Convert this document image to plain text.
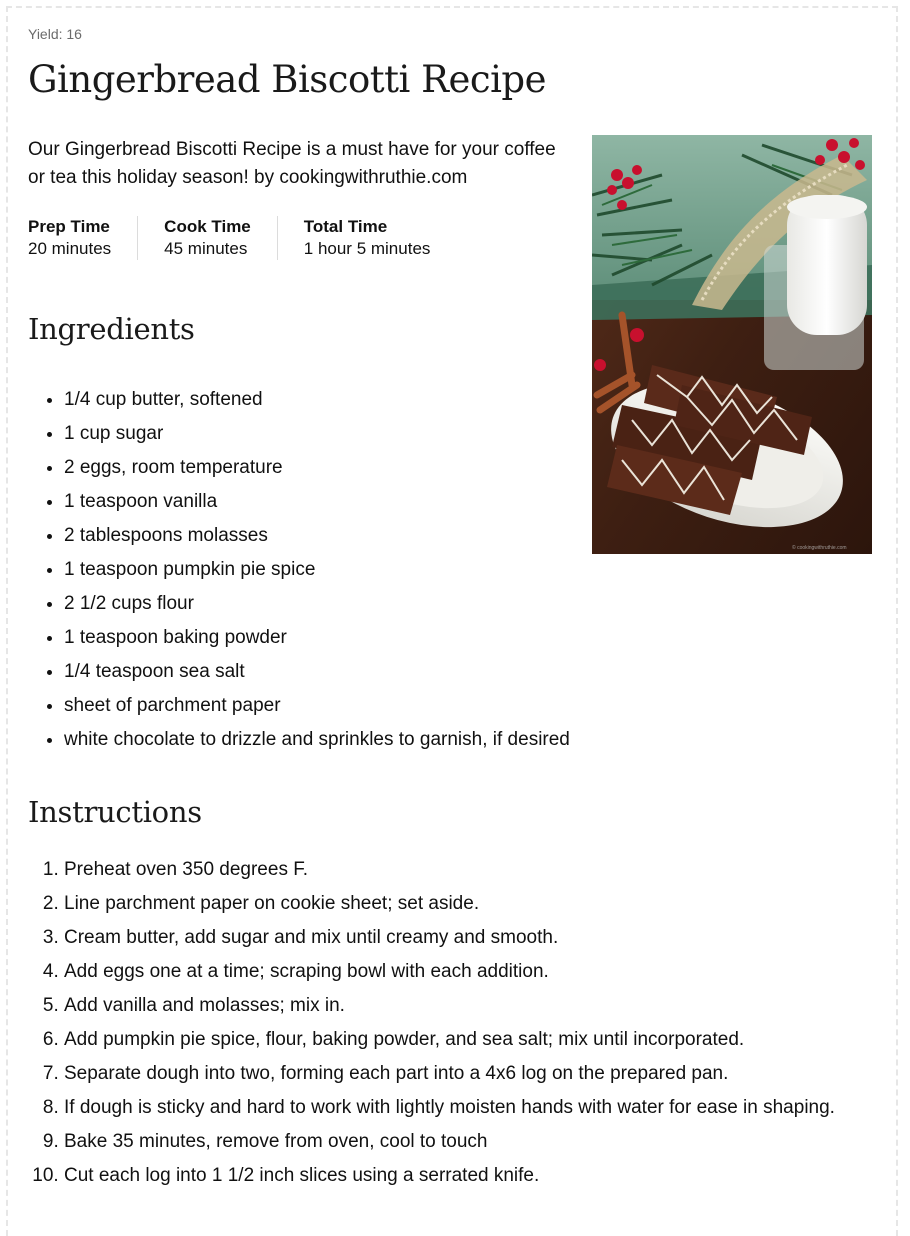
Yield: 16
Gingerbread Biscotti Recipe

Our Gingerbread Biscotti Recipe is a must have for your coffee or tea this holiday season! by cookingwithruthie.com

Prep Time
20 minutes
Cook Time
45 minutes
Total Time
1 hour 5 minutes
© cookingwithruthie.com
Ingredients
• 1/4 cup butter, softened
• 1 cup sugar
• 2 eggs, room temperature
• 1 teaspoon vanilla
• 2 tablespoons molasses
• 1 teaspoon pumpkin pie spice
• 2 1/2 cups flour
• 1 teaspoon baking powder
• 1/4 teaspoon sea salt
• sheet of parchment paper
• white chocolate to drizzle and sprinkles to garnish, if desired
Instructions
1. Preheat oven 350 degrees F.
2. Line parchment paper on cookie sheet; set aside.
3. Cream butter, add sugar and mix until creamy and smooth.
4. Add eggs one at a time; scraping bowl with each addition.
5. Add vanilla and molasses; mix in.
6. Add pumpkin pie spice, flour, baking powder, and sea salt; mix until incorporated.
7. Separate dough into two, forming each part into a 4x6 log on the prepared pan.
8. If dough is sticky and hard to work with lightly moisten hands with water for ease in shaping.
9. Bake 35 minutes, remove from oven, cool to touch
10. Cut each log into 1 1/2 inch slices using a serrated knife.
